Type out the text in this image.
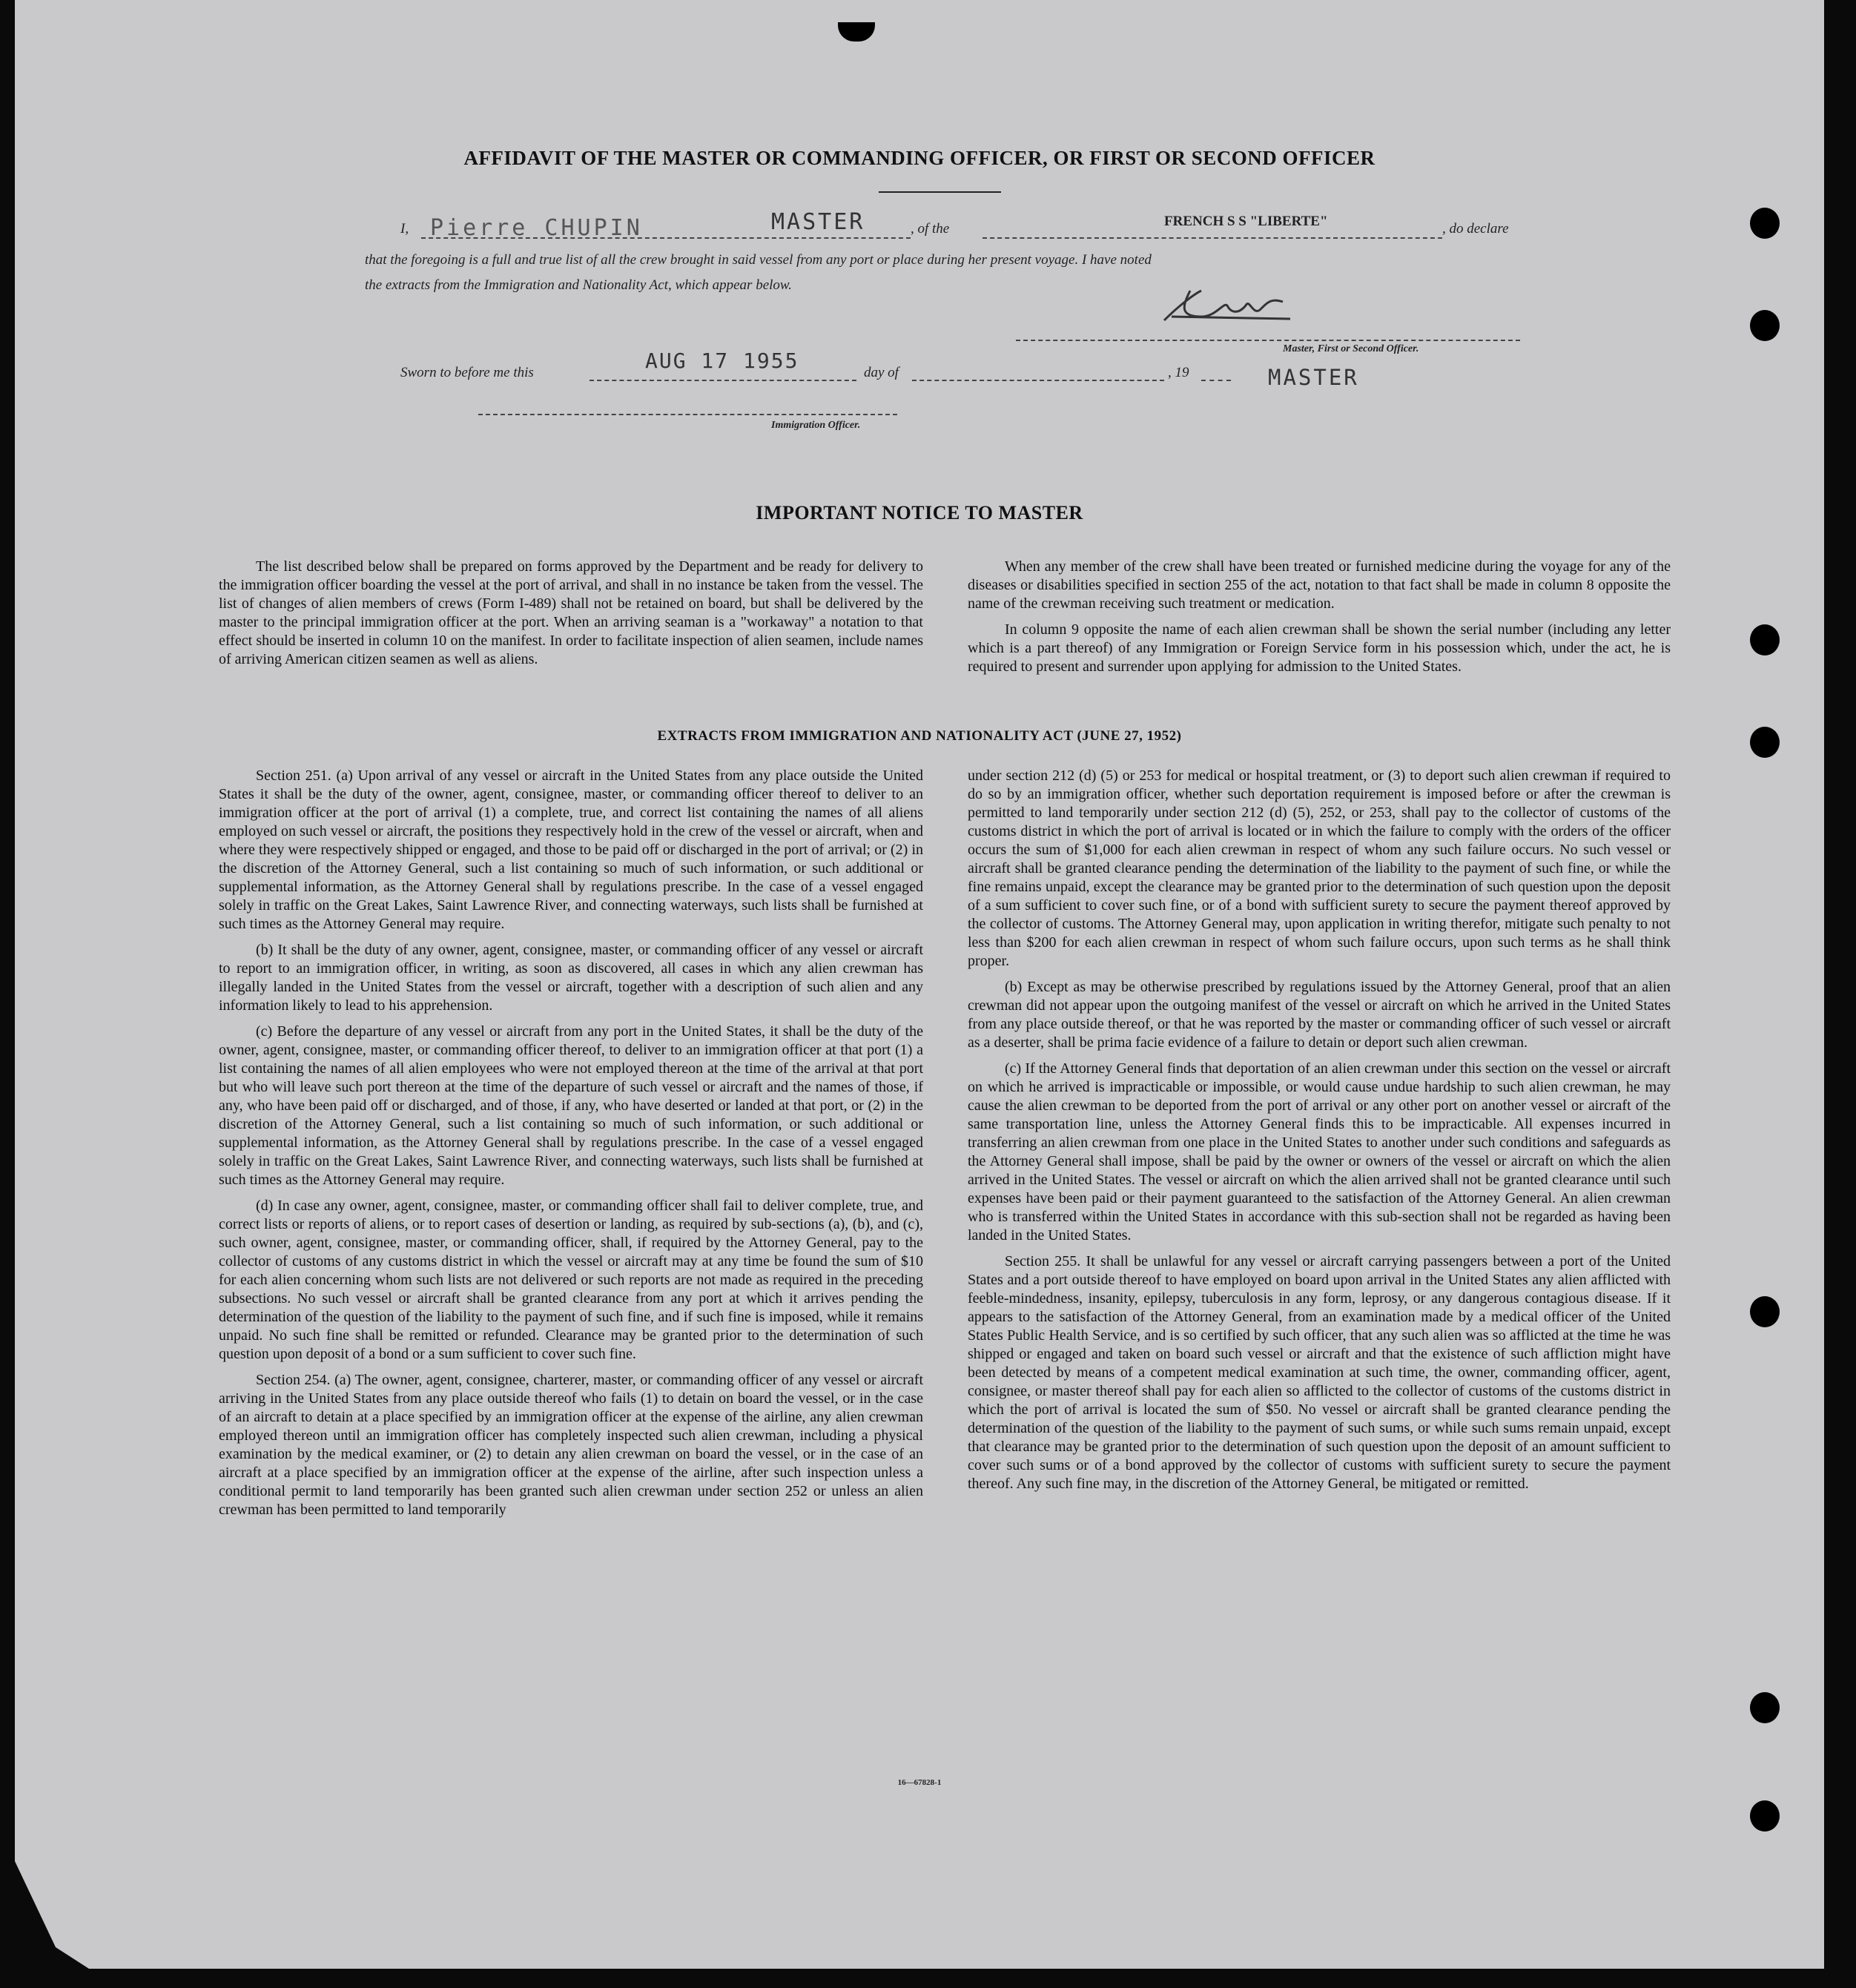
AFFIDAVIT OF THE MASTER OR COMMANDING OFFICER, OR FIRST OR SECOND OFFICER
I, Pierre CHUPIN	MASTER	, of the	FRENCH S S "LIBERTE"	, do declare
that the foregoing is a full and true list of all the crew brought in said vessel from any port or place during her present voyage. I have noted
the extracts from the Immigration and Nationality Act, which appear below.
Master, First or Second Officer.
Sworn to before me this	AUG 17 1955	day of	, 19	MASTER
Immigration Officer.
IMPORTANT NOTICE TO MASTER

The list described below shall be prepared on forms approved by the Department and be ready for delivery to the immigration officer boarding the vessel at the port of arrival, and shall in no instance be taken from the vessel. The list of changes of alien members of crews (Form I-489) shall not be retained on board, but shall be delivered by the master to the principal immigration officer at the port. When an arriving seaman is a "workaway" a notation to that effect should be inserted in column 10 on the manifest. In order to facilitate inspection of alien seamen, include names of arriving American citizen seamen as well as aliens.

When any member of the crew shall have been treated or furnished medicine during the voyage for any of the diseases or disabilities specified in section 255 of the act, notation to that fact shall be made in column 8 opposite the name of the crewman receiving such treatment or medication.

In column 9 opposite the name of each alien crewman shall be shown the serial number (including any letter which is a part thereof) of any Immigration or Foreign Service form in his possession which, under the act, he is required to present and surrender upon applying for admission to the United States.

EXTRACTS FROM IMMIGRATION AND NATIONALITY ACT (JUNE 27, 1952)

Section 251. (a) Upon arrival of any vessel or aircraft in the United States from any place outside the United States it shall be the duty of the owner, agent, consignee, master, or commanding officer thereof to deliver to an immigration officer at the port of arrival (1) a complete, true, and correct list containing the names of all aliens employed on such vessel or aircraft, the positions they respectively hold in the crew of the vessel or aircraft, when and where they were respectively shipped or engaged, and those to be paid off or discharged in the port of arrival; or (2) in the discretion of the Attorney General, such a list containing so much of such information, or such additional or supplemental information, as the Attorney General shall by regulations prescribe. In the case of a vessel engaged solely in traffic on the Great Lakes, Saint Lawrence River, and connecting waterways, such lists shall be furnished at such times as the Attorney General may require.

(b) It shall be the duty of any owner, agent, consignee, master, or commanding officer of any vessel or aircraft to report to an immigration officer, in writing, as soon as discovered, all cases in which any alien crewman has illegally landed in the United States from the vessel or aircraft, together with a description of such alien and any information likely to lead to his apprehension.

(c) Before the departure of any vessel or aircraft from any port in the United States, it shall be the duty of the owner, agent, consignee, master, or commanding officer thereof, to deliver to an immigration officer at that port (1) a list containing the names of all alien employees who were not employed thereon at the time of the arrival at that port but who will leave such port thereon at the time of the departure of such vessel or aircraft and the names of those, if any, who have been paid off or discharged, and of those, if any, who have deserted or landed at that port, or (2) in the discretion of the Attorney General, such a list containing so much of such information, or such additional or supplemental information, as the Attorney General shall by regulations prescribe. In the case of a vessel engaged solely in traffic on the Great Lakes, Saint Lawrence River, and connecting waterways, such lists shall be furnished at such times as the Attorney General may require.

(d) In case any owner, agent, consignee, master, or commanding officer shall fail to deliver complete, true, and correct lists or reports of aliens, or to report cases of desertion or landing, as required by sub-sections (a), (b), and (c), such owner, agent, consignee, master, or commanding officer, shall, if required by the Attorney General, pay to the collector of customs of any customs district in which the vessel or aircraft may at any time be found the sum of $10 for each alien concerning whom such lists are not delivered or such reports are not made as required in the preceding subsections. No such vessel or aircraft shall be granted clearance from any port at which it arrives pending the determination of the question of the liability to the payment of such fine, and if such fine is imposed, while it remains unpaid. No such fine shall be remitted or refunded. Clearance may be granted prior to the determination of such question upon deposit of a bond or a sum sufficient to cover such fine.

Section 254. (a) The owner, agent, consignee, charterer, master, or commanding officer of any vessel or aircraft arriving in the United States from any place outside thereof who fails (1) to detain on board the vessel, or in the case of an aircraft to detain at a place specified by an immigration officer at the expense of the airline, any alien crewman employed thereon until an immigration officer has completely inspected such alien crewman, including a physical examination by the medical examiner, or (2) to detain any alien crewman on board the vessel, or in the case of an aircraft at a place specified by an immigration officer at the expense of the airline, after such inspection unless a conditional permit to land temporarily has been granted such alien crewman under section 252 or unless an alien crewman has been permitted to land temporarily

under section 212 (d) (5) or 253 for medical or hospital treatment, or (3) to deport such alien crewman if required to do so by an immigration officer, whether such deportation requirement is imposed before or after the crewman is permitted to land temporarily under section 212 (d) (5), 252, or 253, shall pay to the collector of customs of the customs district in which the port of arrival is located or in which the failure to comply with the orders of the officer occurs the sum of $1,000 for each alien crewman in respect of whom any such failure occurs. No such vessel or aircraft shall be granted clearance pending the determination of the liability to the payment of such fine, or while the fine remains unpaid, except the clearance may be granted prior to the determination of such question upon the deposit of a sum sufficient to cover such fine, or of a bond with sufficient surety to secure the payment thereof approved by the collector of customs. The Attorney General may, upon application in writing therefor, mitigate such penalty to not less than $200 for each alien crewman in respect of whom such failure occurs, upon such terms as he shall think proper.

(b) Except as may be otherwise prescribed by regulations issued by the Attorney General, proof that an alien crewman did not appear upon the outgoing manifest of the vessel or aircraft on which he arrived in the United States from any place outside thereof, or that he was reported by the master or commanding officer of such vessel or aircraft as a deserter, shall be prima facie evidence of a failure to detain or deport such alien crewman.

(c) If the Attorney General finds that deportation of an alien crewman under this section on the vessel or aircraft on which he arrived is impracticable or impossible, or would cause undue hardship to such alien crewman, he may cause the alien crewman to be deported from the port of arrival or any other port on another vessel or aircraft of the same transportation line, unless the Attorney General finds this to be impracticable. All expenses incurred in transferring an alien crewman from one place in the United States to another under such conditions and safeguards as the Attorney General shall impose, shall be paid by the owner or owners of the vessel or aircraft on which the alien arrived in the United States. The vessel or aircraft on which the alien arrived shall not be granted clearance until such expenses have been paid or their payment guaranteed to the satisfaction of the Attorney General. An alien crewman who is transferred within the United States in accordance with this sub-section shall not be regarded as having been landed in the United States.

Section 255. It shall be unlawful for any vessel or aircraft carrying passengers between a port of the United States and a port outside thereof to have employed on board upon arrival in the United States any alien afflicted with feeble-mindedness, insanity, epilepsy, tuberculosis in any form, leprosy, or any dangerous contagious disease. If it appears to the satisfaction of the Attorney General, from an examination made by a medical officer of the United States Public Health Service, and is so certified by such officer, that any such alien was so afflicted at the time he was shipped or engaged and taken on board such vessel or aircraft and that the existence of such affliction might have been detected by means of a competent medical examination at such time, the owner, commanding officer, agent, consignee, or master thereof shall pay for each alien so afflicted to the collector of customs of the customs district in which the port of arrival is located the sum of $50. No vessel or aircraft shall be granted clearance pending the determination of the question of the liability to the payment of such sums, or while such sums remain unpaid, except that clearance may be granted prior to the determination of such question upon the deposit of an amount sufficient to cover such sums or of a bond approved by the collector of customs with sufficient surety to secure the payment thereof. Any such fine may, in the discretion of the Attorney General, be mitigated or remitted.

16—67828-1
